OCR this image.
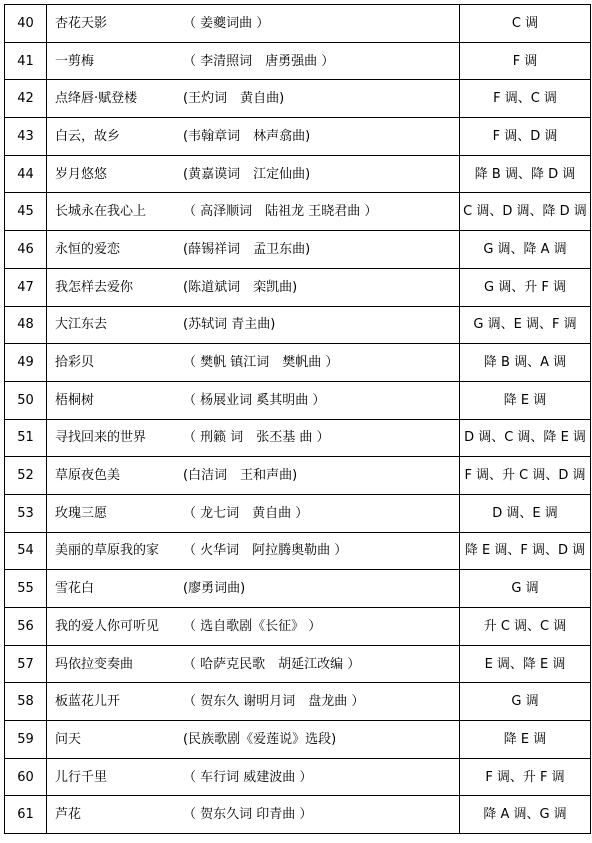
40	杏花天影 （ 姜夔词曲 ）	C 调
41	一剪梅 （ 李清照词　唐勇强曲 ）	F 调
42	点绛唇·赋登楼 (王灼词　黄自曲)	F 调、C 调
43	白云，故乡 (韦翰章词　林声翕曲)	F 调、D 调
44	岁月悠悠 (黄嘉谟词　江定仙曲)	降 B 调、降 D 调
45	长城永在我心上 （ 高泽顺词　陆祖龙 王晓君曲 ）	C 调、D 调、降 D 调
46	永恒的爱恋 (薛锡祥词　孟卫东曲)	G 调、降 A 调
47	我怎样去爱你 (陈道斌词　栾凯曲)	G 调、升 F 调
48	大江东去 (苏轼词 青主曲)	G 调、E 调、F 调
49	拾彩贝 （ 樊帆 镇江词　樊帆曲 ）	降 B 调、A 调
50	梧桐树 （ 杨展业词 奚其明曲 ）	降 E 调
51	寻找回来的世界 （ 刑籁 词　张丕基 曲 ）	D 调、C 调、降 E 调
52	草原夜色美 (白洁词　王和声曲)	F 调、升 C 调、D 调
53	玫瑰三愿 （ 龙七词　黄自曲 ）	D 调、E 调
54	美丽的草原我的家 （ 火华词　阿拉腾奥勒曲 ）	降 E 调、F 调、D 调
55	雪花白 (廖勇词曲)	G 调
56	我的爱人你可听见 （ 选自歌剧《长征》 ）	升 C 调、C 调
57	玛依拉变奏曲 （ 哈萨克民歌　胡延江改编 ）	E 调、降 E 调
58	板蓝花儿开 （ 贺东久 谢明月词　盘龙曲 ）	G 调
59	问天 (民族歌剧《爱莲说》选段)	降 E 调
60	儿行千里 （ 车行词 威建波曲 ）	F 调、升 F 调
61	芦花 （ 贺东久词 印青曲 ）	降 A 调、G 调
